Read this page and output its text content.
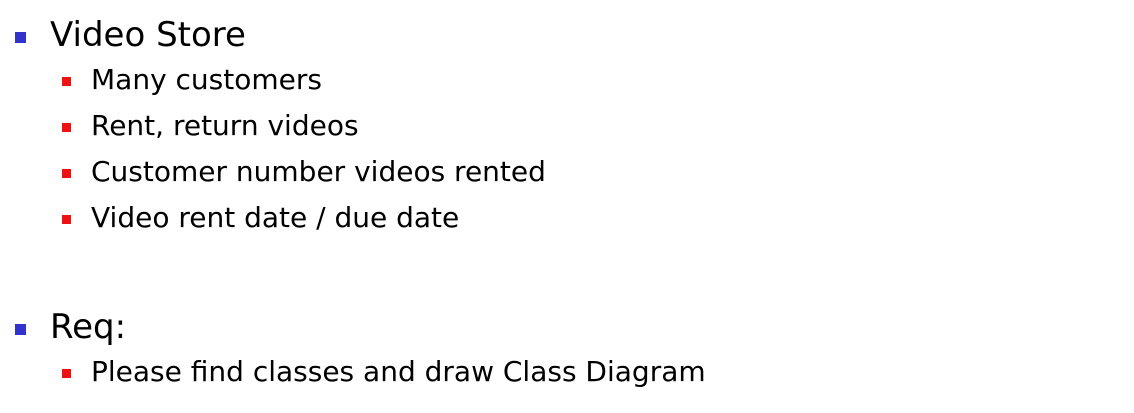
Video Store
Many customers
Rent, return videos
Customer number videos rented
Video rent date / due date
Req:
Please find classes and draw Class Diagram
